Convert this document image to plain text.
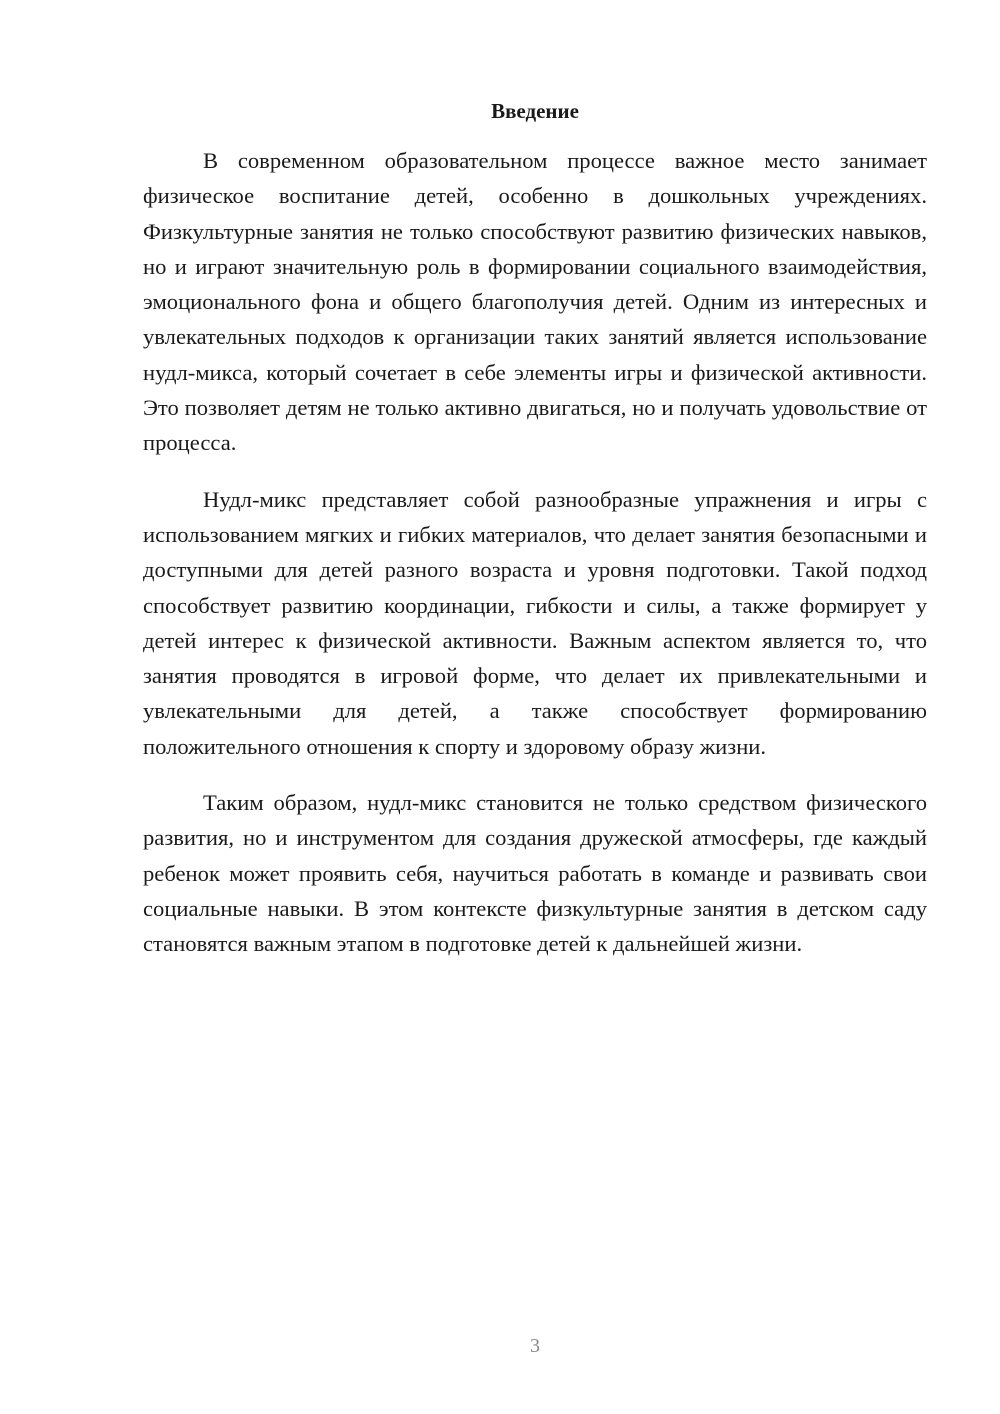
Введение

В современном образовательном процессе важное место занимает физическое воспитание детей, особенно в дошкольных учреждениях. Физкультурные занятия не только способствуют развитию физических навыков, но и играют значительную роль в формировании социального взаимодействия, эмоционального фона и общего благополучия детей. Одним из интересных и увлекательных подходов к организации таких занятий является использование нудл-микса, который сочетает в себе элементы игры и физической активности. Это позволяет детям не только активно двигаться, но и получать удовольствие от процесса.

Нудл-микс представляет собой разнообразные упражнения и игры с использованием мягких и гибких материалов, что делает занятия безопасными и доступными для детей разного возраста и уровня подготовки. Такой подход способствует развитию координации, гибкости и силы, а также формирует у детей интерес к физической активности. Важным аспектом является то, что занятия проводятся в игровой форме, что делает их привлекательными и увлекательными для детей, а также способствует формированию положительного отношения к спорту и здоровому образу жизни.

Таким образом, нудл-микс становится не только средством физического развития, но и инструментом для создания дружеской атмосферы, где каждый ребенок может проявить себя, научиться работать в команде и развивать свои социальные навыки. В этом контексте физкультурные занятия в детском саду становятся важным этапом в подготовке детей к дальнейшей жизни.

3
